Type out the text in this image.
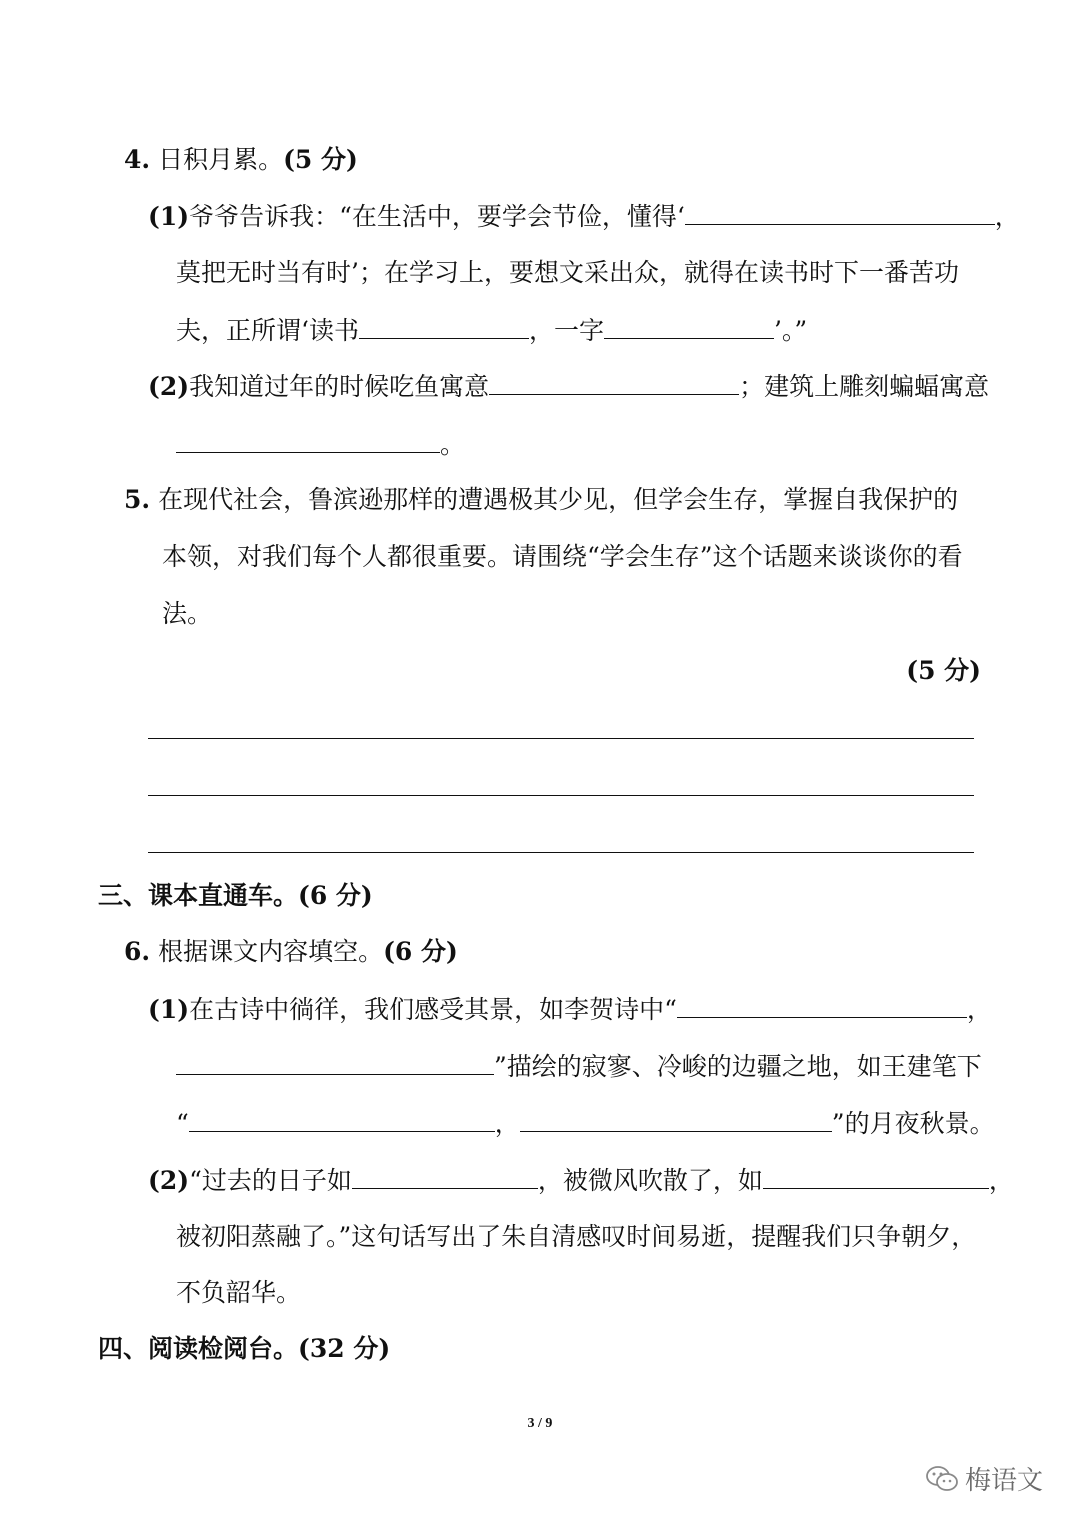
4. 日积月累。(5 分)
(1)爷爷告诉我：“在生活中，要学会节俭，懂得‘	，
莫把无时当有时’；在学习上，要想文采出众，就得在读书时下一番苦功
夫，正所谓‘读书	，一字	’。”
(2)我知道过年的时候吃鱼寓意	；建筑上雕刻蝙蝠寓意
。
5. 在现代社会，鲁滨逊那样的遭遇极其少见，但学会生存，掌握自我保护的
本领，对我们每个人都很重要。请围绕“学会生存”这个话题来谈谈你的看
法。
(5 分)
三、课本直通车。(6 分)
6. 根据课文内容填空。(6 分)
(1)在古诗中徜徉，我们感受其景，如李贺诗中“	，
”描绘的寂寥、冷峻的边疆之地，如王建笔下
“	，	”的月夜秋景。
(2)“过去的日子如	，被微风吹散了，如	，
被初阳蒸融了。”这句话写出了朱自清感叹时间易逝，提醒我们只争朝夕，
不负韶华。
四、阅读检阅台。(32 分)
3 / 9
梅语文
